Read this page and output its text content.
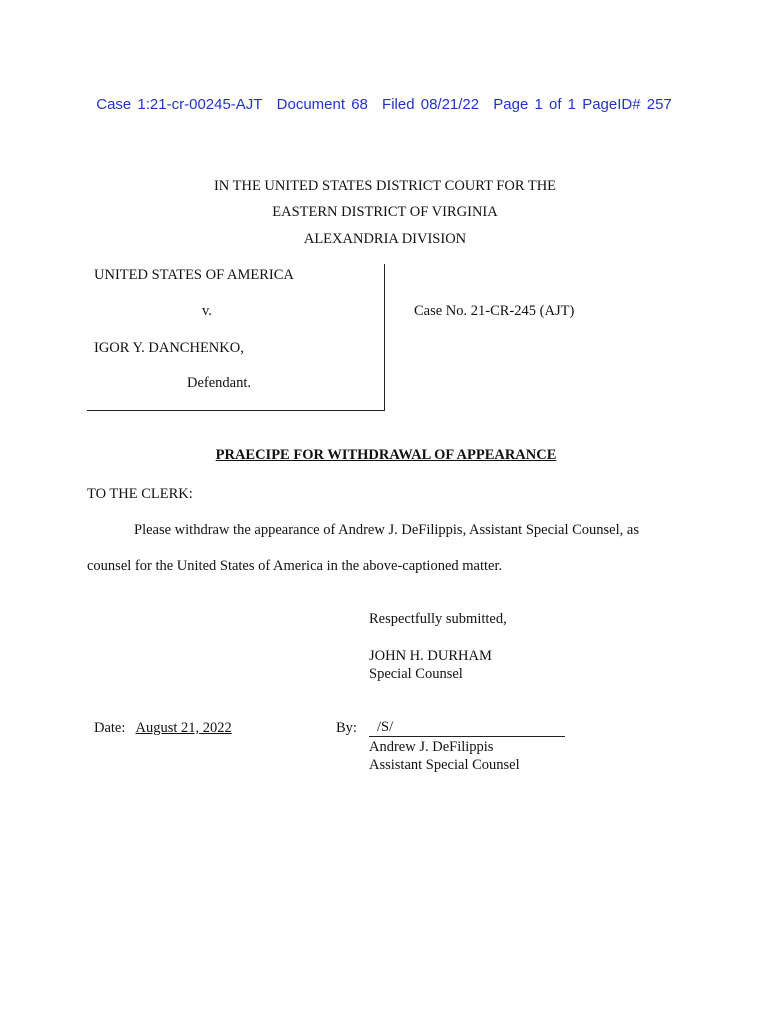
Case 1:21-cr-00245-AJT Document 68 Filed 08/21/22 Page 1 of 1 PageID# 257
IN THE UNITED STATES DISTRICT COURT FOR THE
EASTERN DISTRICT OF VIRGINIA
ALEXANDRIA DIVISION
UNITED STATES OF AMERICA
v.
IGOR Y. DANCHENKO,
Defendant.
Case No. 21-CR-245 (AJT)
PRAECIPE FOR WITHDRAWAL OF APPEARANCE
TO THE CLERK:
Please withdraw the appearance of Andrew J. DeFilippis, Assistant Special Counsel, as
counsel for the United States of America in the above-captioned matter.
Respectfully submitted,
JOHN H. DURHAM
Special Counsel
Date: August 21, 2022	By: /S/
Andrew J. DeFilippis
Assistant Special Counsel
